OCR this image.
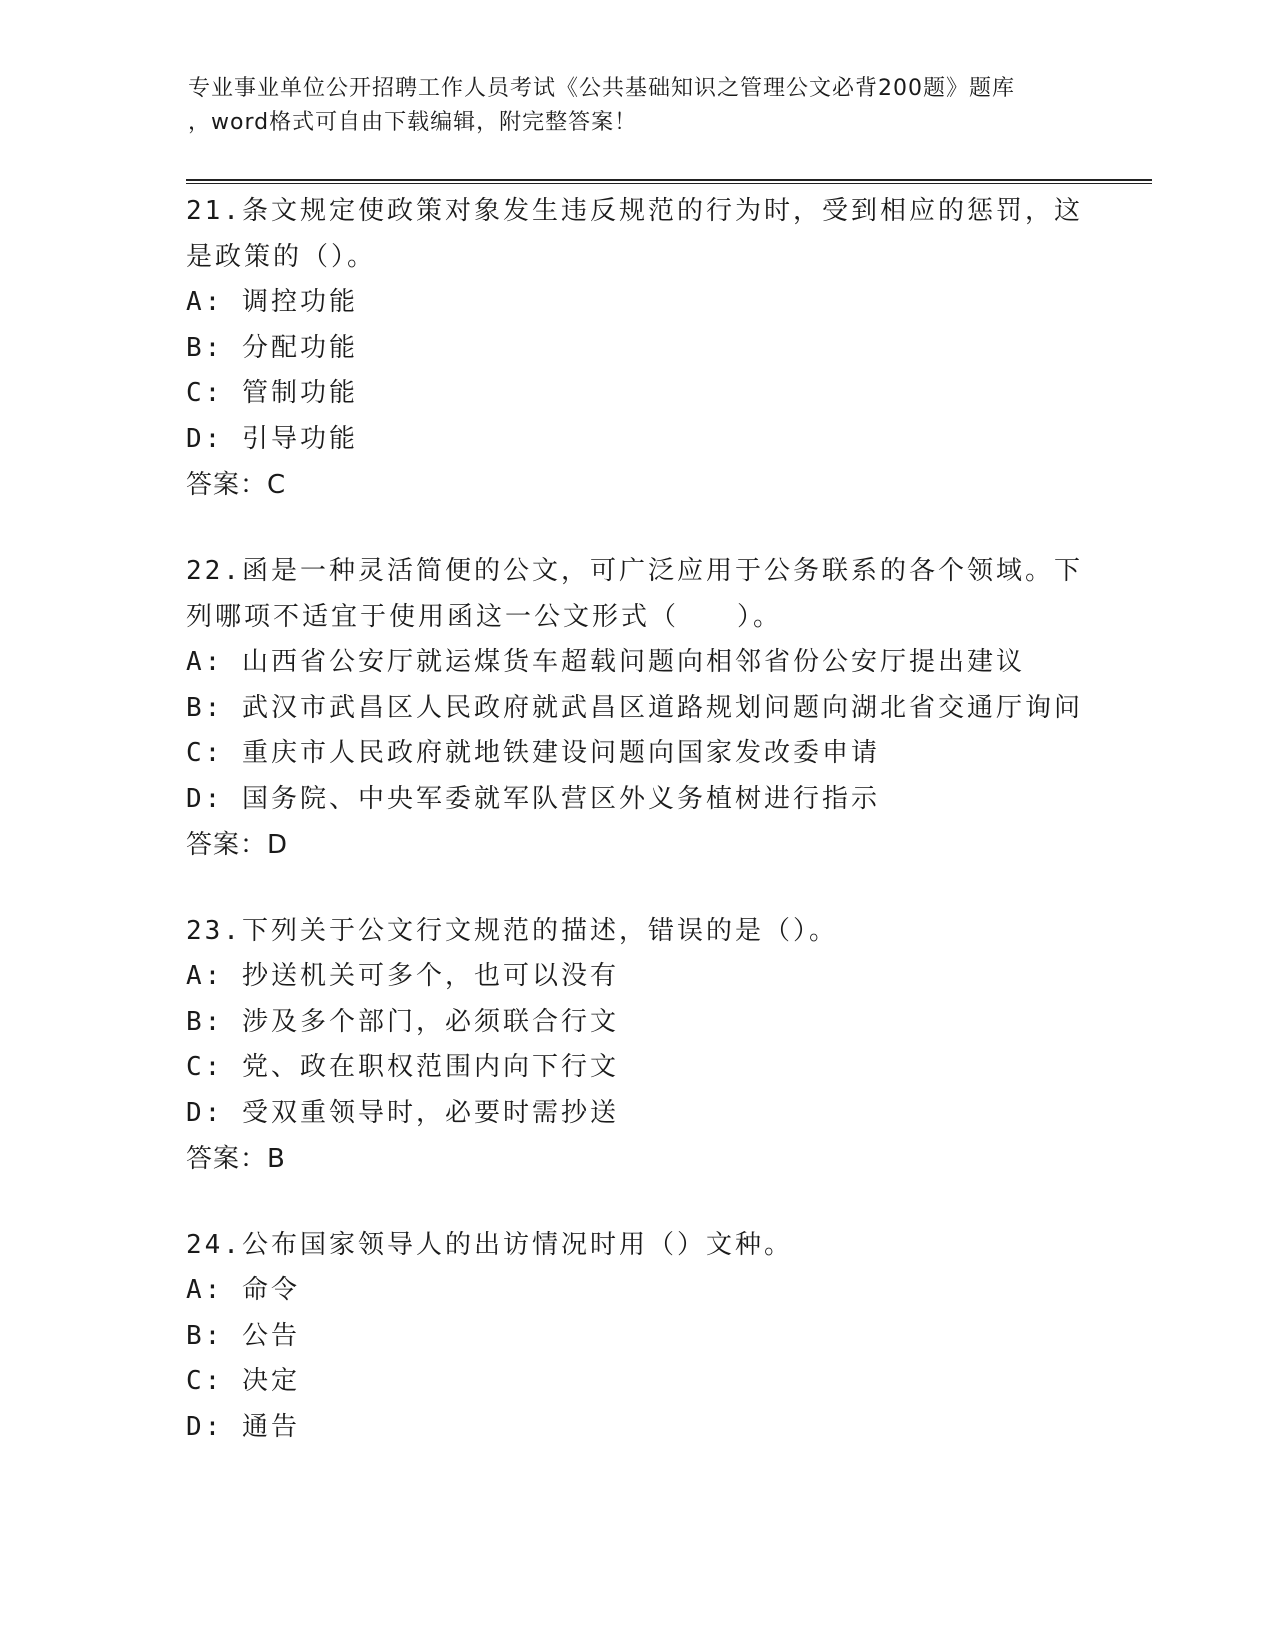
专业事业单位公开招聘工作人员考试《公共基础知识之管理公文必背200题》题库
，word格式可自由下载编辑，附完整答案！
21.条文规定使政策对象发生违反规范的行为时，受到相应的惩罚，这
是政策的（）。
A: 调控功能
B: 分配功能
C: 管制功能
D: 引导功能
答案：C
22.函是一种灵活简便的公文，可广泛应用于公务联系的各个领域。下
列哪项不适宜于使用函这一公文形式（　　）。
A: 山西省公安厅就运煤货车超载问题向相邻省份公安厅提出建议
B: 武汉市武昌区人民政府就武昌区道路规划问题向湖北省交通厅询问
C: 重庆市人民政府就地铁建设问题向国家发改委申请
D: 国务院、中央军委就军队营区外义务植树进行指示
答案：D
23.下列关于公文行文规范的描述，错误的是（）。
A: 抄送机关可多个，也可以没有
B: 涉及多个部门，必须联合行文
C: 党、政在职权范围内向下行文
D: 受双重领导时，必要时需抄送
答案：B
24.公布国家领导人的出访情况时用（）文种。
A: 命令
B: 公告
C: 决定
D: 通告
